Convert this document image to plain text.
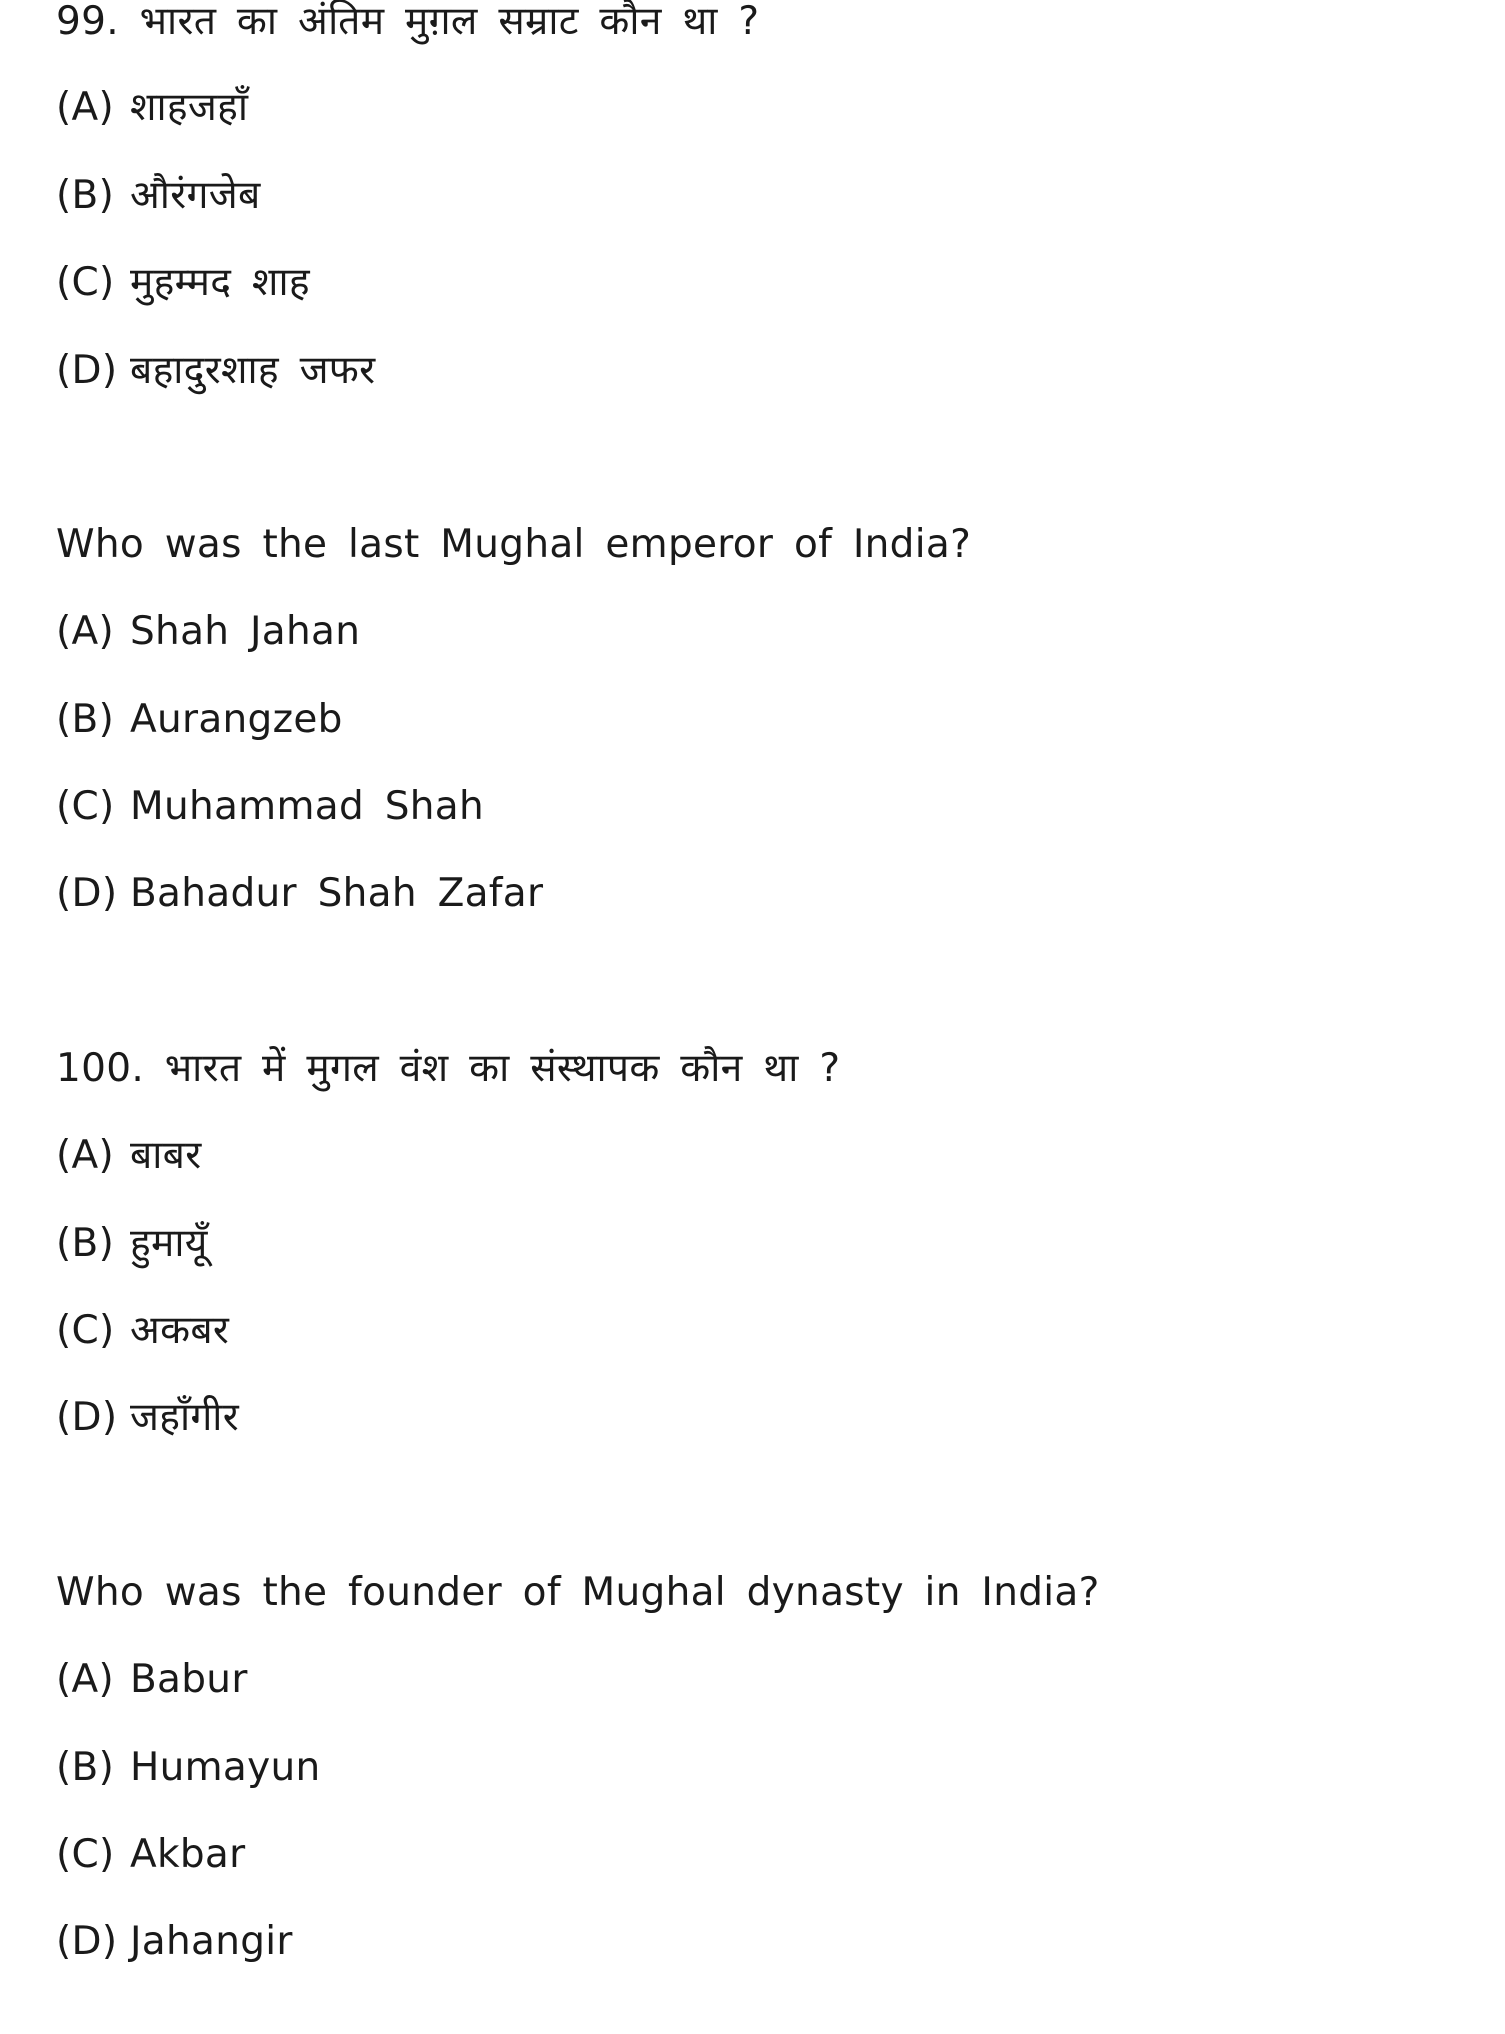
99. भारत का अंतिम मुग़ल सम्राट कौन था ?
(A) शाहजहाँ
(B) औरंगजेब
(C) मुहम्मद शाह
(D) बहादुरशाह जफर
Who was the last Mughal emperor of India?
(A) Shah Jahan
(B) Aurangzeb
(C) Muhammad Shah
(D) Bahadur Shah Zafar
100. भारत में मुगल वंश का संस्थापक कौन था ?
(A) बाबर
(B) हुमायूँ
(C) अकबर
(D) जहाँगीर
Who was the founder of Mughal dynasty in India?
(A) Babur
(B) Humayun
(C) Akbar
(D) Jahangir
